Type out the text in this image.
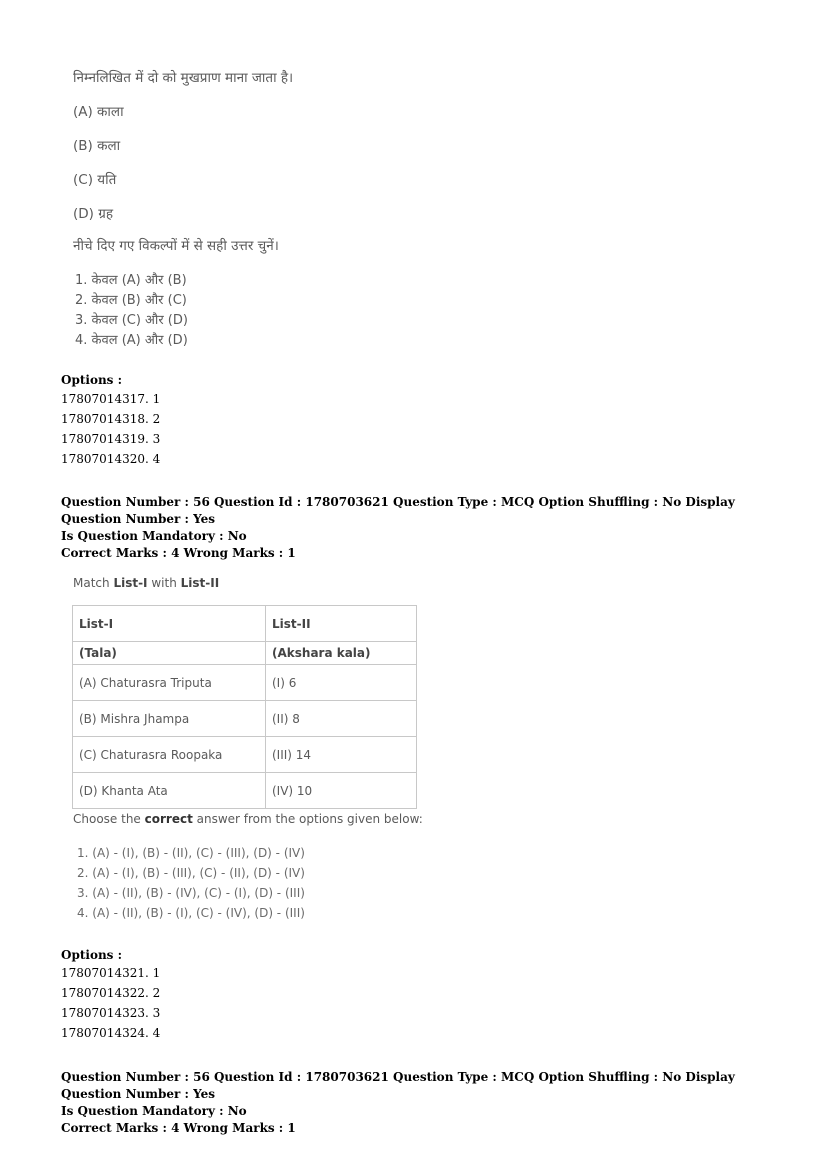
निम्नलिखित में दो को मुखप्राण माना जाता है।
(A) काला
(B) कला
(C) यति
(D) ग्रह
नीचे दिए गए विकल्पों में से सही उत्तर चुनें।
1. केवल (A) और (B)
2. केवल (B) और (C)
3. केवल (C) और (D)
4. केवल (A) और (D)
Options :
17807014317. 1
17807014318. 2
17807014319. 3
17807014320. 4
Question Number : 56 Question Id : 1780703621 Question Type : MCQ Option Shuffling : No Display Question Number : Yes
Is Question Mandatory : No
Correct Marks : 4 Wrong Marks : 1
Match List-I with List-II
List-I	List-II
(Tala)	(Akshara kala)
(A) Chaturasra Triputa	(I) 6
(B) Mishra Jhampa	(II) 8
(C) Chaturasra Roopaka	(III) 14
(D) Khanta Ata	(IV) 10
Choose the correct answer from the options given below:
1. (A) - (I), (B) - (II), (C) - (III), (D) - (IV)
2. (A) - (I), (B) - (III), (C) - (II), (D) - (IV)
3. (A) - (II), (B) - (IV), (C) - (I), (D) - (III)
4. (A) - (II), (B) - (I), (C) - (IV), (D) - (III)
Options :
17807014321. 1
17807014322. 2
17807014323. 3
17807014324. 4
Question Number : 56 Question Id : 1780703621 Question Type : MCQ Option Shuffling : No Display Question Number : Yes
Is Question Mandatory : No
Correct Marks : 4 Wrong Marks : 1
